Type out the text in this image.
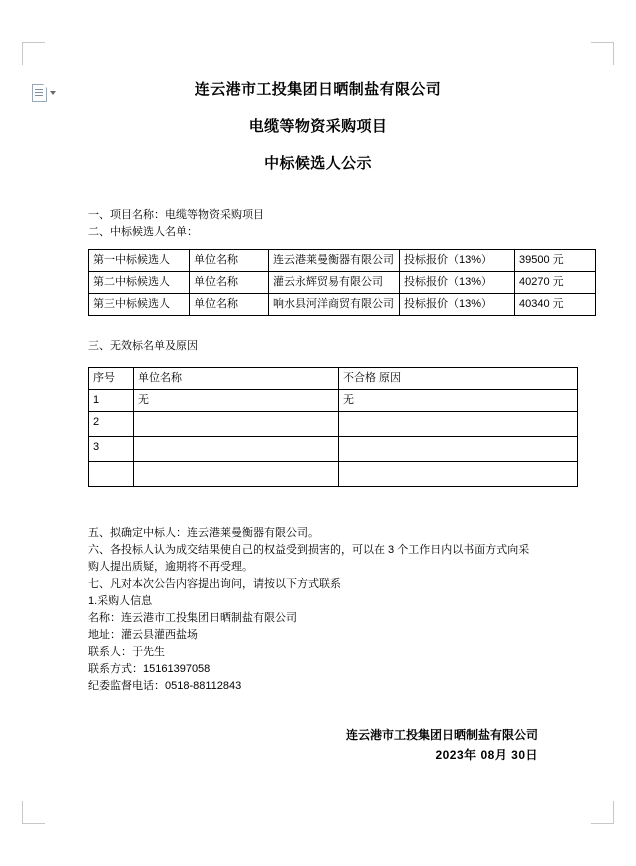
连云港市工投集团日晒制盐有限公司
电缆等物资采购项目
中标候选人公示

一、项目名称：电缆等物资采购项目

二、中标候选人名单：

第一中标候选人	单位名称	连云港莱曼衡器有限公司	投标报价（13%）	39500 元
第二中标候选人	单位名称	灌云永辉贸易有限公司	投标报价（13%）	40270 元
第三中标候选人	单位名称	响水县河洋商贸有限公司	投标报价（13%）	40340 元

三、无效标名单及原因

序号	单位名称	不合格 原因
1	无	无
2		
3		

五、拟确定中标人：连云港莱曼衡器有限公司。

六、各投标人认为成交结果使自己的权益受到损害的，可以在 3 个工作日内以书面方式向采

购人提出质疑，逾期将不再受理。

七、凡对本次公告内容提出询问，请按以下方式联系

1.采购人信息

名称：连云港市工投集团日晒制盐有限公司

地址：灌云县灌西盐场

联系人：于先生

联系方式：15161397058

纪委监督电话：0518-88112843

连云港市工投集团日晒制盐有限公司
2023年 08月 30日
